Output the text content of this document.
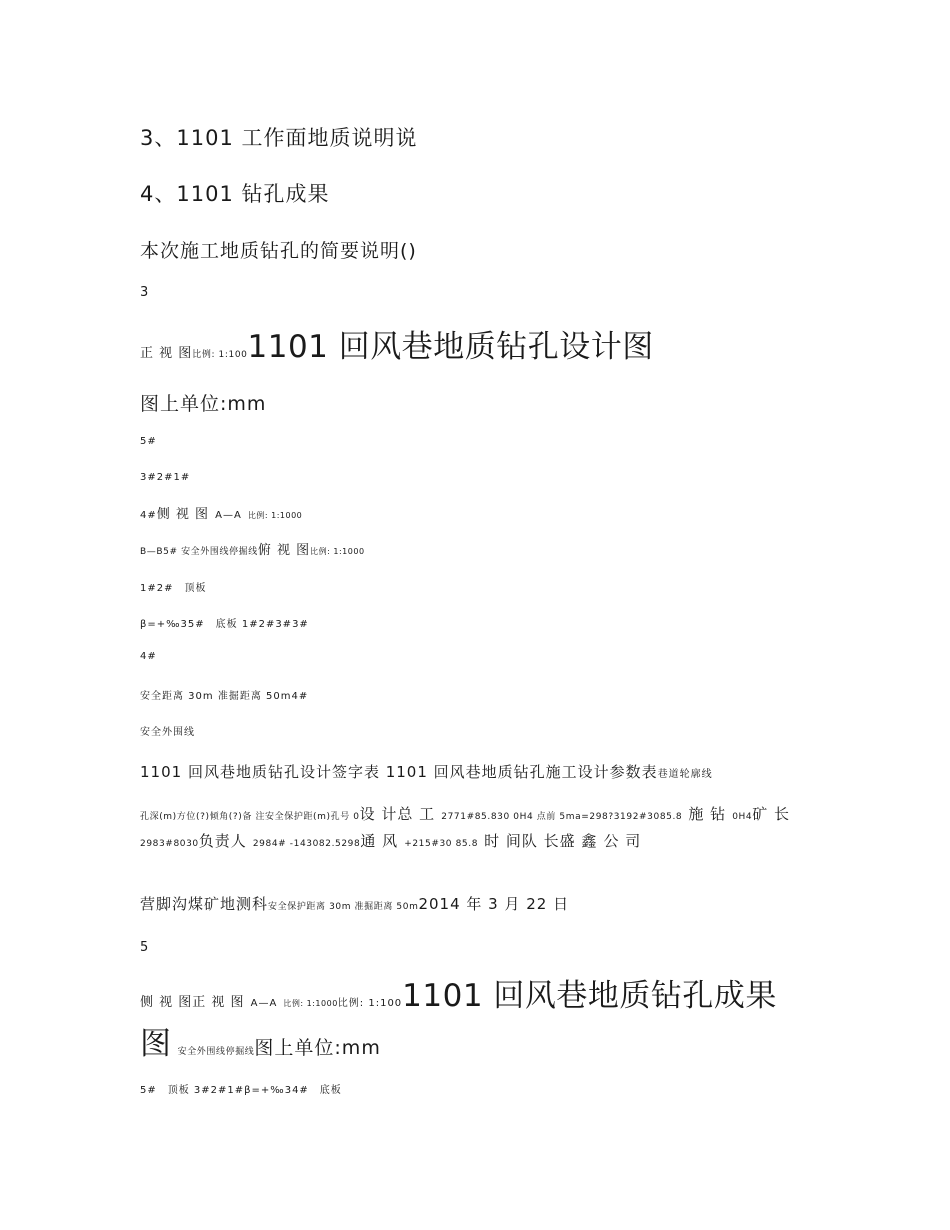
3、1101 工作面地质说明说
4、1101 钻孔成果
本次施工地质钻孔的简要说明()
3
正 视 图比例: 1:1001101 回风巷地质钻孔设计图
图上单位:mm
5#
3#2#1#
4#侧 视 图 A—A 比例: 1:1000
B—B5# 安全外围线停掘线俯 视 图比例: 1:1000
1#2#　顶板
β=+‰35#　底板 1#2#3#3#
4#
安全距离 30m 准掘距离 50m4#
安全外围线
1101 回风巷地质钻孔设计签字表 1101 回风巷地质钻孔施工设计参数表巷道轮廓线
孔深(m)方位(?)倾角(?)备 注安全保护距(m)孔号 0设 计总 工 2771#85.830 0H4 点前 5ma=298?3192#3085.8 施 钻 0H4矿 长 2983#8030负责人 2984# -143082.5298通 风 +215#30 85.8 时 间队 长盛 鑫 公 司
营脚沟煤矿地测科安全保护距离 30m 准掘距离 50m2014 年 3 月 22 日
5
侧 视 图正 视 图 A—A 比例: 1:1000比例: 1:1001101 回风巷地质钻孔成果 图 安全外围线停掘线图上单位:mm
5#　顶板 3#2#1#β=+‰34#　底板
